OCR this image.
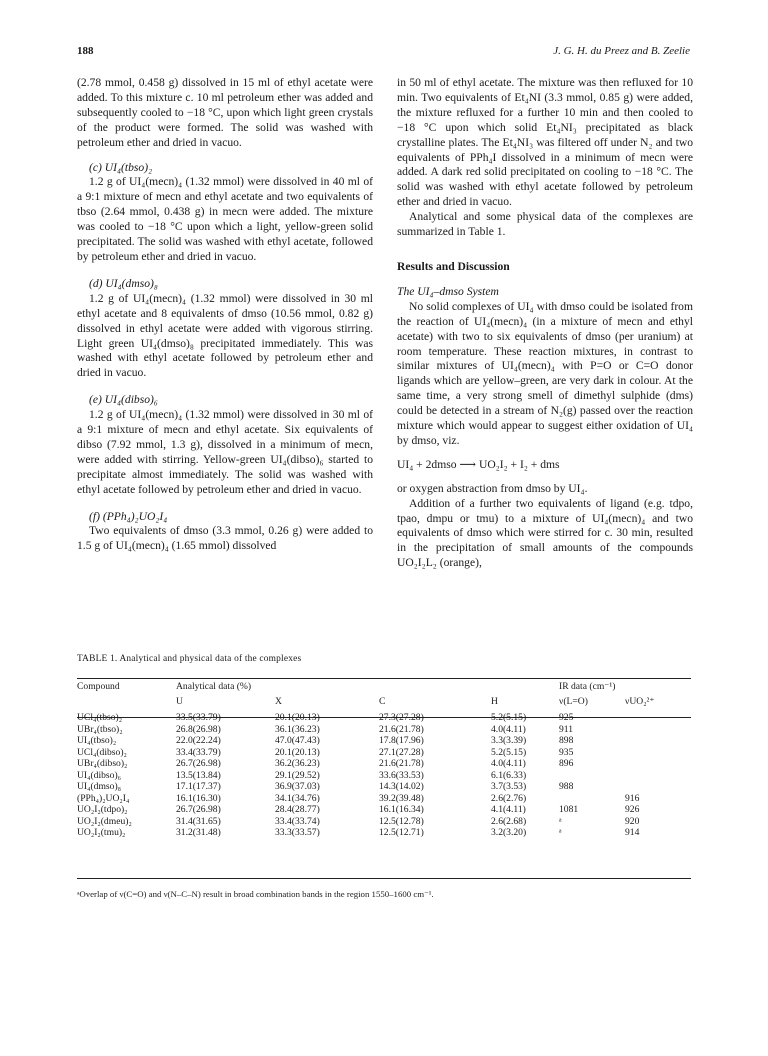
188	J. G. H. du Preez and B. Zeelie

(2.78 mmol, 0.458 g) dissolved in 15 ml of ethyl acetate were added. To this mixture c. 10 ml petroleum ether was added and subsequently cooled to −18 °C, upon which light green crystals of the product were formed. The solid was washed with petroleum ether and dried in vacuo.

(c) UI₄(tbso)₂

1.2 g of UI₄(mecn)₄ (1.32 mmol) were dissolved in 40 ml of a 9:1 mixture of mecn and ethyl acetate and two equivalents of tbso (2.64 mmol, 0.438 g) in mecn were added. The mixture was cooled to −18 °C upon which a light, yellow-green solid precipitated. The solid was washed with ethyl acetate, followed by petroleum ether and dried in vacuo.

(d) UI₄(dmso)₈

1.2 g of UI₄(mecn)₄ (1.32 mmol) were dissolved in 30 ml ethyl acetate and 8 equivalents of dmso (10.56 mmol, 0.82 g) dissolved in ethyl acetate were added with vigorous stirring. Light green UI₄(dmso)₈ precipitated immediately. This was washed with ethyl acetate followed by petroleum ether and dried in vacuo.

(e) UI₄(dibso)₆

1.2 g of UI₄(mecn)₄ (1.32 mmol) were dissolved in 30 ml of a 9:1 mixture of mecn and ethyl acetate. Six equivalents of dibso (7.92 mmol, 1.3 g), dissolved in a minimum of mecn, were added with stirring. Yellow-green UI₄(dibso)₆ started to precipitate almost immediately. The solid was washed with ethyl acetate followed by petroleum ether and dried in vacuo.

(f) (PPh₄)₂UO₂I₄

Two equivalents of dmso (3.3 mmol, 0.26 g) were added to 1.5 g of UI₄(mecn)₄ (1.65 mmol) dissolved

in 50 ml of ethyl acetate. The mixture was then refluxed for 10 min. Two equivalents of Et₄NI (3.3 mmol, 0.85 g) were added, the mixture refluxed for a further 10 min and then cooled to −18 °C upon which solid Et₄NI₃ precipitated as black crystalline plates. The Et₄NI₃ was filtered off under N₂ and two equivalents of PPh₄I dissolved in a minimum of mecn were added. A dark red solid precipitated on cooling to −18 °C. The solid was washed with ethyl acetate followed by petroleum ether and dried in vacuo.

Analytical and some physical data of the complexes are summarized in Table 1.

Results and Discussion
The UI₄–dmso System

No solid complexes of UI₄ with dmso could be isolated from the reaction of UI₄(mecn)₄ (in a mixture of mecn and ethyl acetate) with two to six equivalents of dmso (per uranium) at room temperature. These reaction mixtures, in contrast to similar mixtures of UI₄(mecn)₄ with P=O or C=O donor ligands which are yellow–green, are very dark in colour. At the same time, a very strong smell of dimethyl sulphide (dms) could be detected in a stream of N₂(g) passed over the reaction mixture which would appear to suggest either oxidation of UI₄ by dmso, viz.

UI₄ + 2dmso ⟶ UO₂I₂ + I₂ + dms

or oxygen abstraction from dmso by UI₄.

Addition of a further two equivalents of ligand (e.g. tdpo, tpao, dmpu or tmu) to a mixture of UI₄(mecn)₄ and two equivalents of dmso which were stirred for c. 30 min, resulted in the precipitation of small amounts of the compounds UO₂I₂L₂ (orange),

TABLE 1. Analytical and physical data of the complexes
Compound	Analytical data (%)				IR data (cm⁻¹)	
	U	X	C	H	ν(L=O)	νUO₂²⁺
UCl₄(tbso)₂	33.5(33.79)	20.1(20.13)	27.3(27.28)	5.2(5.15)	925	
UBr₄(tbso)₂	26.8(26.98)	36.1(36.23)	21.6(21.78)	4.0(4.11)	911	
UI₄(tbso)₂	22.0(22.24)	47.0(47.43)	17.8(17.96)	3.3(3.39)	898	
UCl₄(dibso)₂	33.4(33.79)	20.1(20.13)	27.1(27.28)	5.2(5.15)	935	
UBr₄(dibso)₂	26.7(26.98)	36.2(36.23)	21.6(21.78)	4.0(4.11)	896	
UI₄(dibso)₆	13.5(13.84)	29.1(29.52)	33.6(33.53)	6.1(6.33)		
UI₄(dmso)₈	17.1(17.37)	36.9(37.03)	14.3(14.02)	3.7(3.53)	988	
(PPh₄)₂UO₂I₄	16.1(16.30)	34.1(34.76)	39.2(39.48)	2.6(2.76)		916
UO₂I₂(tdpo)₂	26.7(26.98)	28.4(28.77)	16.1(16.34)	4.1(4.11)	1081	926
UO₂I₂(dmeu)₂	31.4(31.65)	33.4(33.74)	12.5(12.78)	2.6(2.68)	ᵃ	920
UO₂I₂(tmu)₂	31.2(31.48)	33.3(33.57)	12.5(12.71)	3.2(3.20)	ᵃ	914
ᵃOverlap of ν(C=O) and ν(N–C–N) result in broad combination bands in the region 1550–1600 cm⁻¹.
